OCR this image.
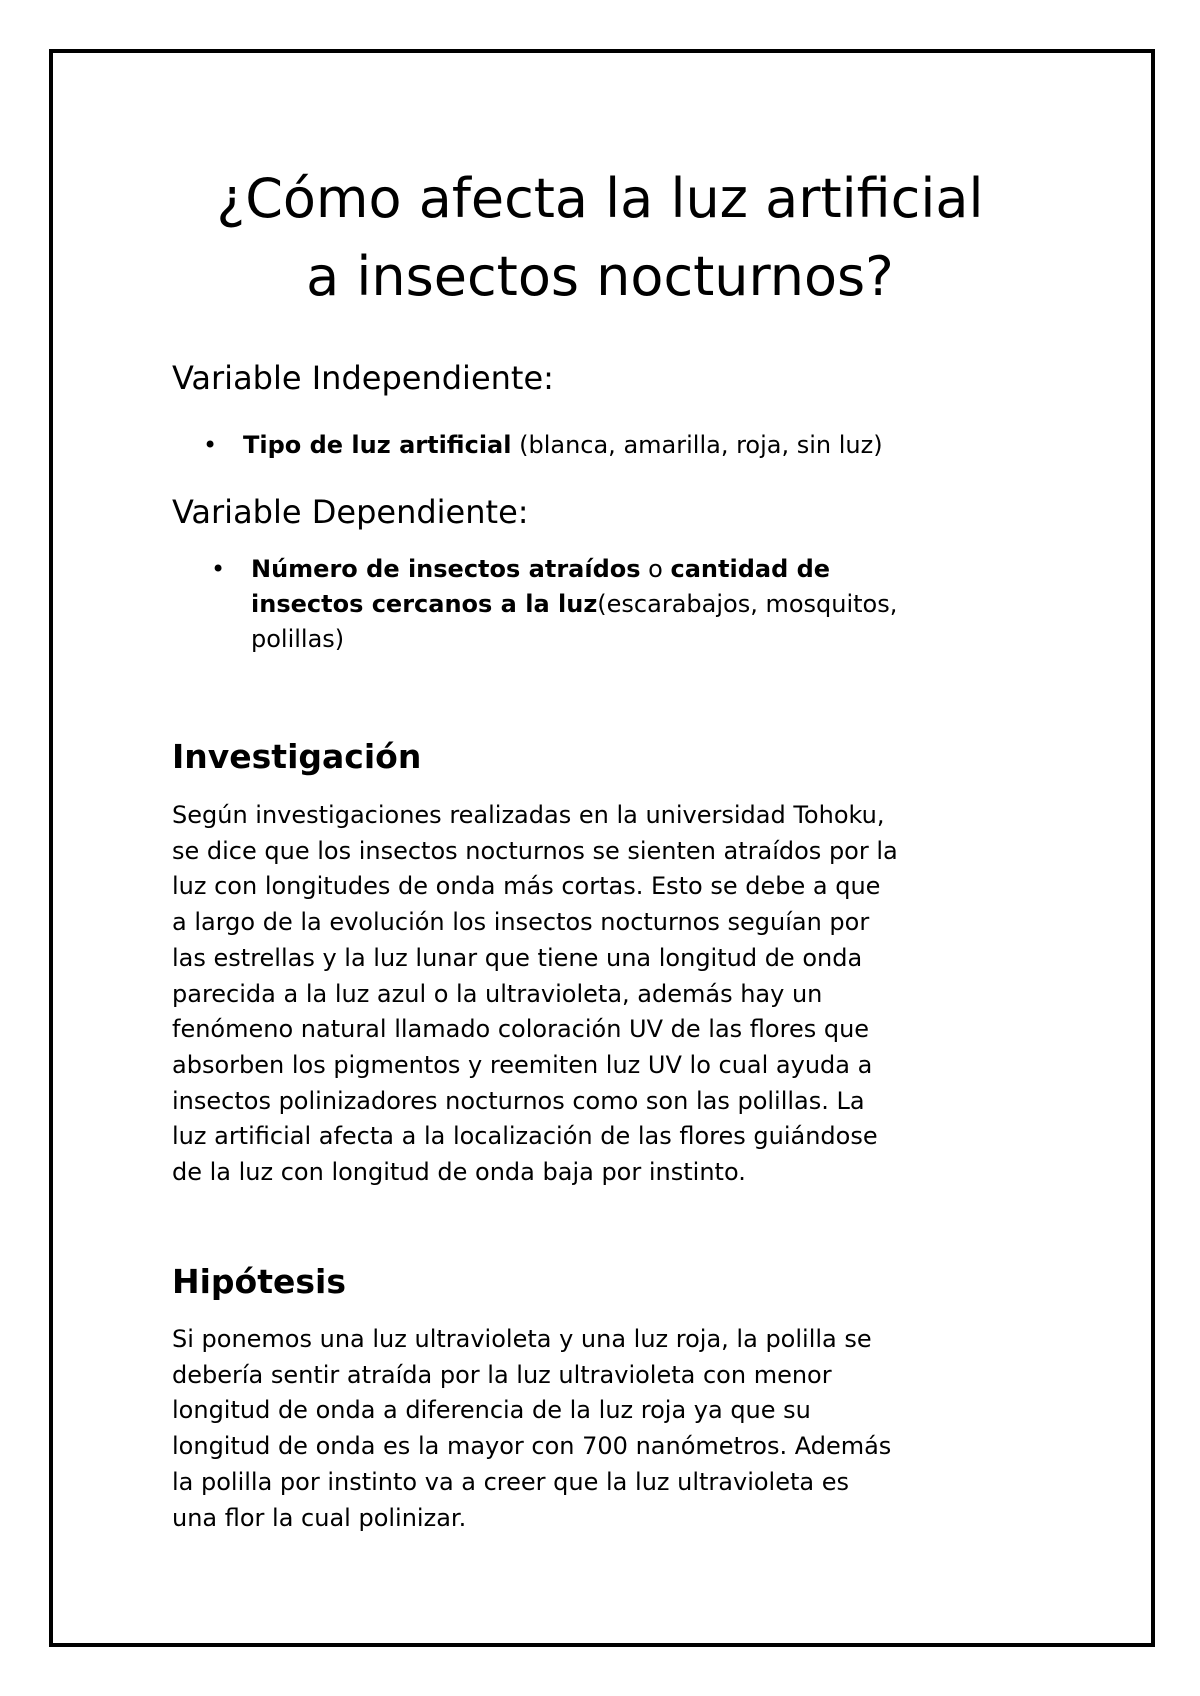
¿Cómo afecta la luz artificial
a insectos nocturnos?
Variable Independiente:
• Tipo de luz artificial (blanca, amarilla, roja, sin luz)
Variable Dependiente:
• Número de insectos atraídos o cantidad de
insectos cercanos a la luz(escarabajos, mosquitos,
polillas)
Investigación

Según investigaciones realizadas en la universidad Tohoku,
se dice que los insectos nocturnos se sienten atraídos por la
luz con longitudes de onda más cortas. Esto se debe a que
a largo de la evolución los insectos nocturnos seguían por
las estrellas y la luz lunar que tiene una longitud de onda
parecida a la luz azul o la ultravioleta, además hay un
fenómeno natural llamado coloración UV de las flores que
absorben los pigmentos y reemiten luz UV lo cual ayuda a
insectos polinizadores nocturnos como son las polillas. La
luz artificial afecta a la localización de las flores guiándose
de la luz con longitud de onda baja por instinto.

Hipótesis

Si ponemos una luz ultravioleta y una luz roja, la polilla se
debería sentir atraída por la luz ultravioleta con menor
longitud de onda a diferencia de la luz roja ya que su
longitud de onda es la mayor con 700 nanómetros. Además
la polilla por instinto va a creer que la luz ultravioleta es
una flor la cual polinizar.
